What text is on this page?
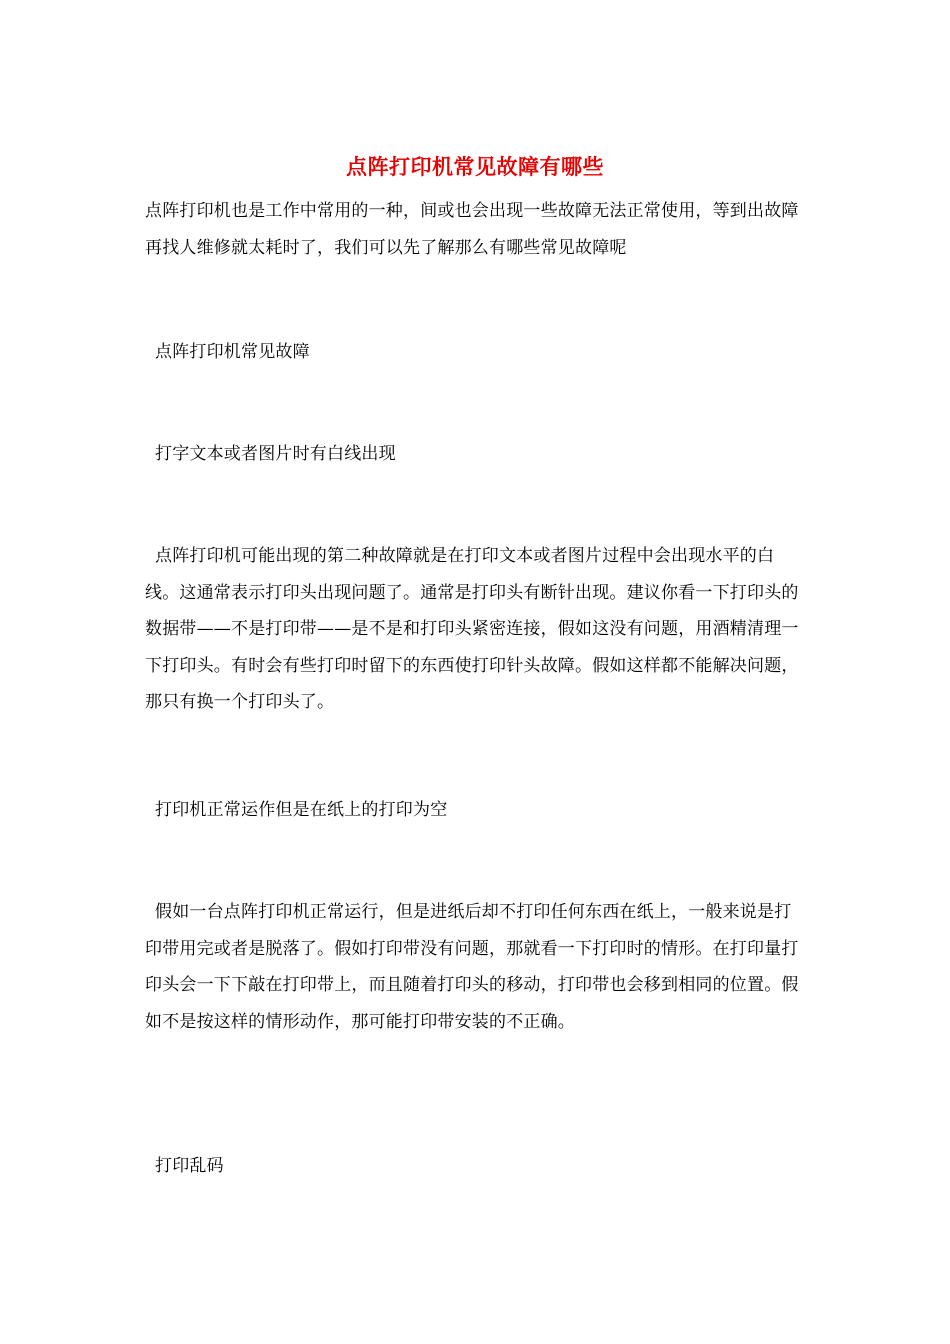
点阵打印机常见故障有哪些

点阵打印机也是工作中常用的一种，间或也会出现一些故障无法正常使用，等到出故障再找人维修就太耗时了，我们可以先了解那么有哪些常见故障呢

点阵打印机常见故障

打字文本或者图片时有白线出现

点阵打印机可能出现的第二种故障就是在打印文本或者图片过程中会出现水平的白线。这通常表示打印头出现问题了。通常是打印头有断针出现。建议你看一下打印头的数据带——不是打印带——是不是和打印头紧密连接，假如这没有问题，用酒精清理一下打印头。有时会有些打印时留下的东西使打印针头故障。假如这样都不能解决问题，那只有换一个打印头了。

打印机正常运作但是在纸上的打印为空

假如一台点阵打印机正常运行，但是进纸后却不打印任何东西在纸上，一般来说是打印带用完或者是脱落了。假如打印带没有问题，那就看一下打印时的情形。在打印量打印头会一下下敲在打印带上，而且随着打印头的移动，打印带也会移到相同的位置。假如不是按这样的情形动作，那可能打印带安装的不正确。

打印乱码
